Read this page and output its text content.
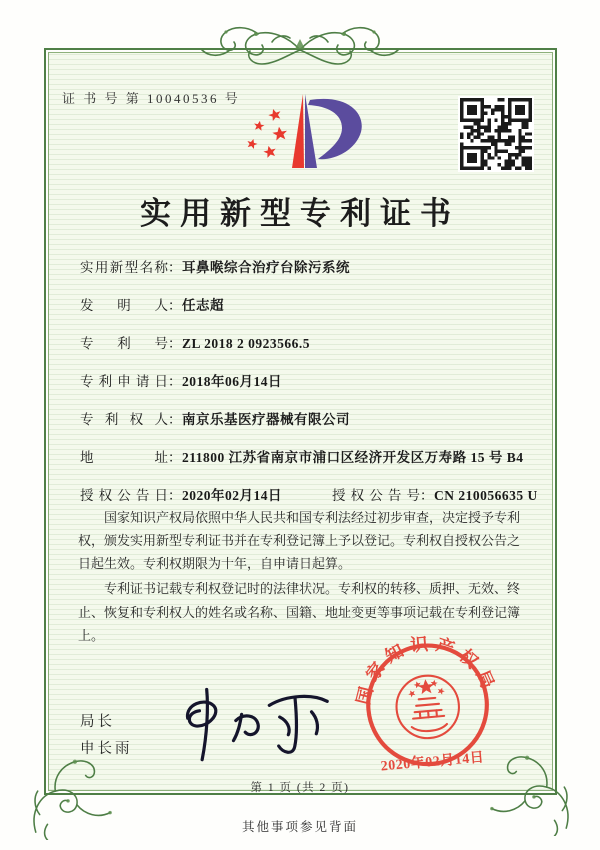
证 书 号 第 10040536 号
实用新型专利证书
实用新型名称：耳鼻喉综合治疗台除污系统
发明人：任志超
专利号：ZL 2018 2 0923566.5
专利申请日：2018年06月14日
专利权人：南京乐基医疗器械有限公司
地址：211800 江苏省南京市浦口区经济开发区万寿路 15 号 B4
授权公告日：2020年02月14日	授权公告号：CN 210056635 U

国家知识产权局依照中华人民共和国专利法经过初步审查，决定授予专利权，颁发实用新型专利证书并在专利登记簿上予以登记。专利权自授权公告之日起生效。专利权期限为十年，自申请日起算。

专利证书记载专利权登记时的法律状况。专利权的转移、质押、无效、终止、恢复和专利权人的姓名或名称、国籍、地址变更等事项记载在专利登记簿上。

局长
申长雨
国家知识产权局
2020年02月14日
第 1 页 (共 2 页)
其他事项参见背面
